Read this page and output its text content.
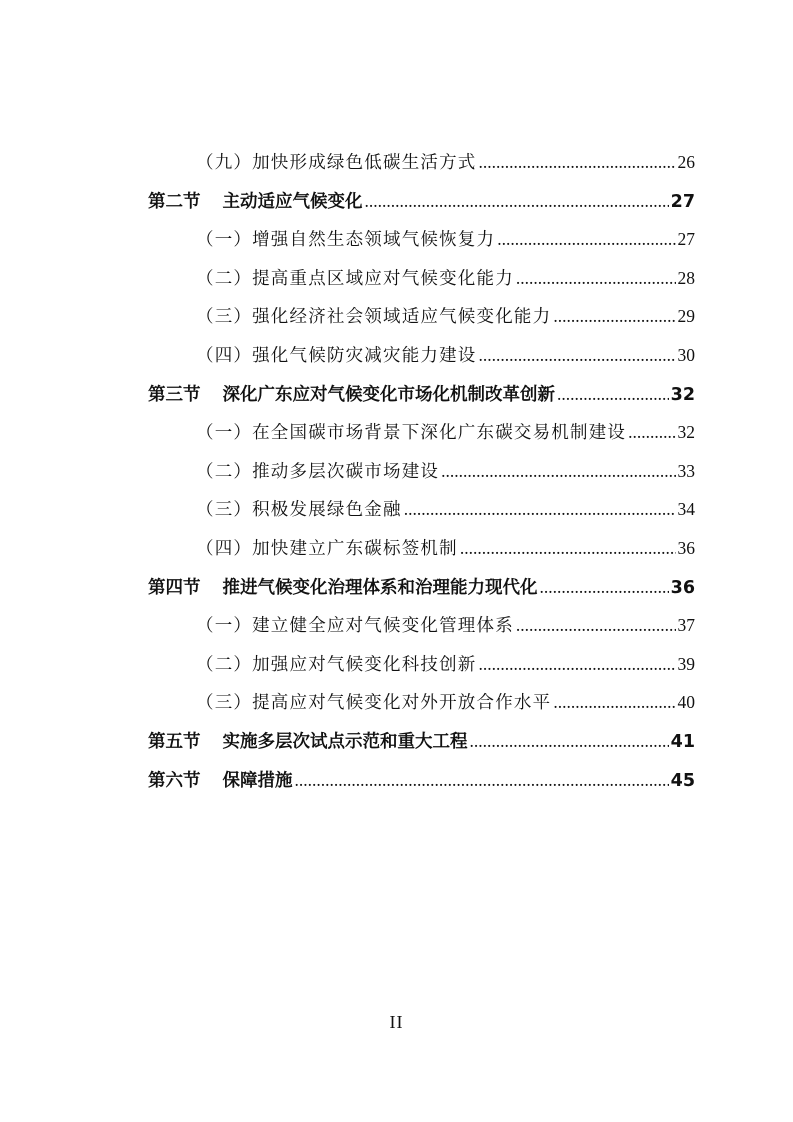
（九）加快形成绿色低碳生活方式 .....	26
第二节 主动适应气候变化 .....	27
（一）增强自然生态领域气候恢复力 .....	27
（二）提高重点区域应对气候变化能力 .....	28
（三）强化经济社会领域适应气候变化能力 .....	29
（四）强化气候防灾减灾能力建设 .....	30
第三节 深化广东应对气候变化市场化机制改革创新 .....	32
（一）在全国碳市场背景下深化广东碳交易机制建设 .....	32
（二）推动多层次碳市场建设 .....	33
（三）积极发展绿色金融 .....	34
（四）加快建立广东碳标签机制 .....	36
第四节 推进气候变化治理体系和治理能力现代化 .....	36
（一）建立健全应对气候变化管理体系 .....	37
（二）加强应对气候变化科技创新 .....	39
（三）提高应对气候变化对外开放合作水平 .....	40
第五节 实施多层次试点示范和重大工程 .....	41
第六节 保障措施 .....	45
II
